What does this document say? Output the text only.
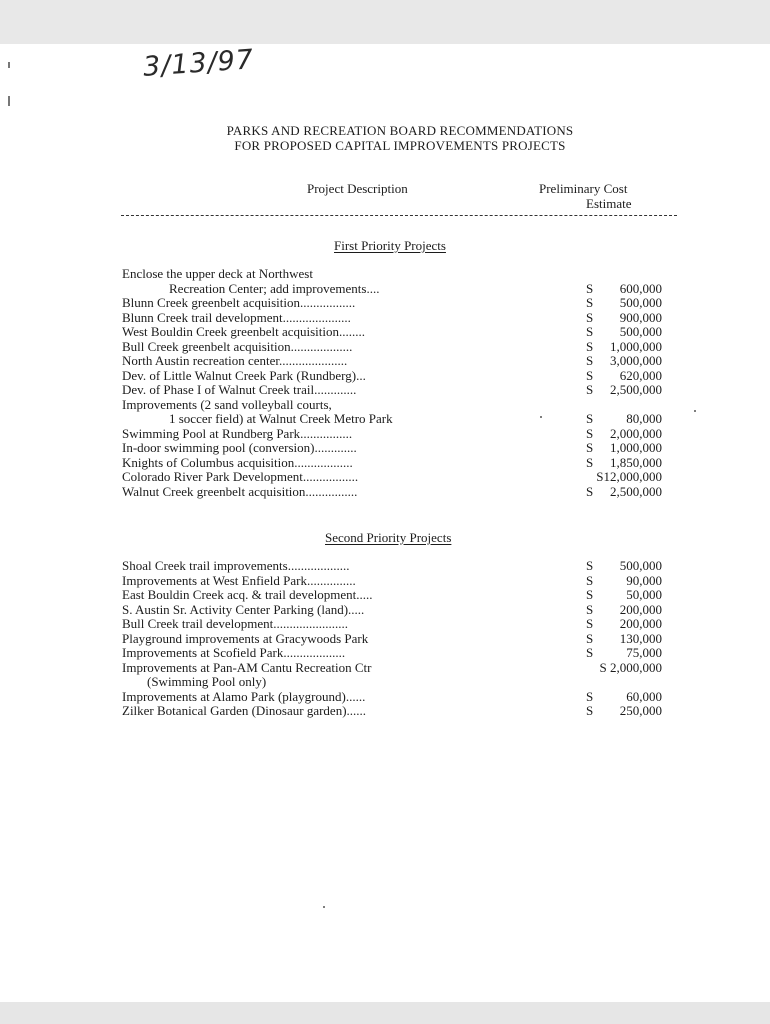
3/13/97
PARKS AND RECREATION BOARD RECOMMENDATIONS
FOR PROPOSED CAPITAL IMPROVEMENTS PROJECTS
Project Description	Preliminary Cost
Estimate
First Priority Projects
Enclose the upper deck at Northwest
Recreation Center; add improvements....	S 600,000
Blunn Creek greenbelt acquisition.................	S 500,000
Blunn Creek trail development.....................	S 900,000
West Bouldin Creek greenbelt acquisition........	S 500,000
Bull Creek greenbelt acquisition...................	S 1,000,000
North Austin recreation center.....................	S 3,000,000
Dev. of Little Walnut Creek Park (Rundberg)...	S 620,000
Dev. of Phase I of Walnut Creek trail.............	S 2,500,000
Improvements (2 sand volleyball courts,
1 soccer field) at Walnut Creek Metro Park	S	80,000
Swimming Pool at Rundberg Park................	S 2,000,000
In-door swimming pool (conversion).............	S 1,000,000
Knights of Columbus acquisition..................	S 1,850,000
Colorado River Park Development.................	S12,000,000
Walnut Creek greenbelt acquisition................	S 2,500,000
Second Priority Projects
Shoal Creek trail improvements...................	S 500,000
Improvements at West Enfield Park...............	S	90,000
East Bouldin Creek acq. & trail development.....	S	50,000
S. Austin Sr. Activity Center Parking (land).....	S 200,000
Bull Creek trail development.......................	S 200,000
Playground improvements at Gracywoods Park	S 130,000
Improvements at Scofield Park...................	S	75,000
Improvements at Pan-AM Cantu Recreation Ctr	S 2,000,000
(Swimming Pool only)
Improvements at Alamo Park (playground)......	S	60,000
Zilker Botanical Garden (Dinosaur garden)......	S 250,000
